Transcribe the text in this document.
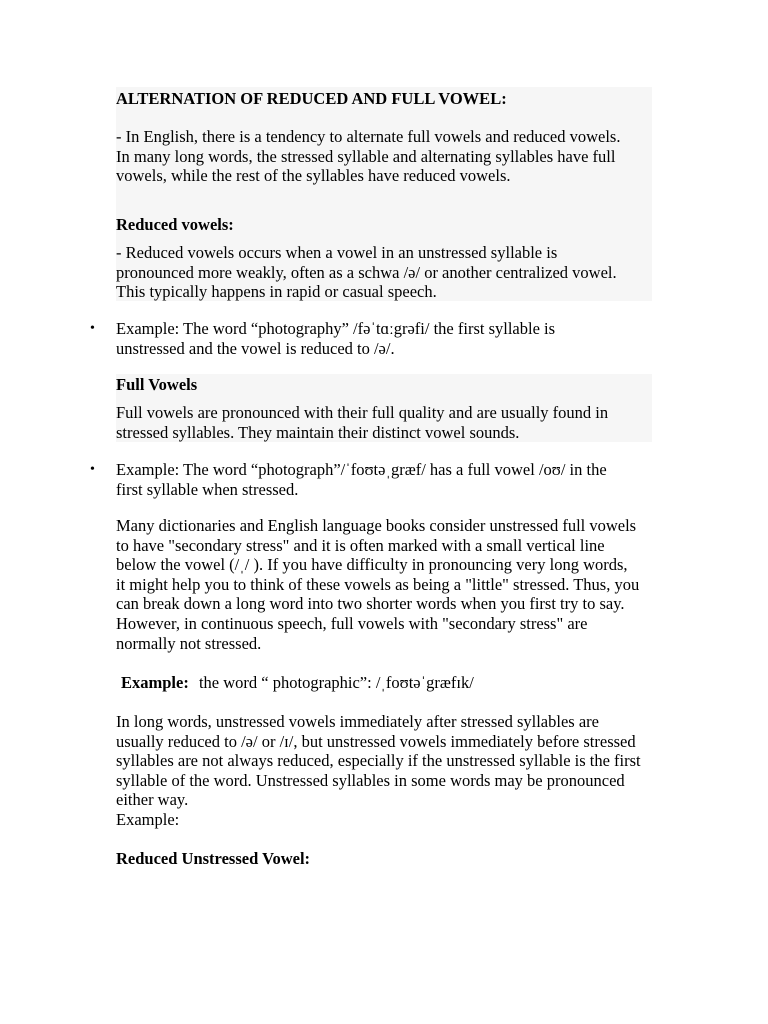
ALTERNATION OF REDUCED AND FULL VOWEL:

- In English, there is a tendency to alternate full vowels and reduced vowels. In many long words, the stressed syllable and alternating syllables have full vowels, while the rest of the syllables have reduced vowels.

Reduced vowels:

- Reduced vowels occurs when a vowel in an unstressed syllable is pronounced more weakly, often as a schwa /ə/ or another centralized vowel. This typically happens in rapid or casual speech.

•	Example: The word “photography” /fəˈtɑːgrəfi/ the first syllable is unstressed and the vowel is reduced to /ə/.

Full Vowels

Full vowels are pronounced with their full quality and are usually found in stressed syllables. They maintain their distinct vowel sounds.

•	Example: The word “photograph”/ˈfoʊtəˌgræf/ has a full vowel /oʊ/ in the first syllable when stressed.

Many dictionaries and English language books consider unstressed full vowels to have "secondary stress" and it is often marked with a small vertical line below the vowel (/ˌ/ ). If you have difficulty in pronouncing very long words, it might help you to think of these vowels as being a "little" stressed. Thus, you can break down a long word into two shorter words when you first try to say. However, in continuous speech, full vowels with "secondary stress" are normally not stressed.

Example: the word “ photographic”: /ˌfoʊtəˈgræfɪk/

In long words, unstressed vowels immediately after stressed syllables are usually reduced to /ə/ or /ɪ/, but unstressed vowels immediately before stressed syllables are not always reduced, especially if the unstressed syllable is the first syllable of the word. Unstressed syllables in some words may be pronounced either way.

Example:

Reduced Unstressed Vowel:
